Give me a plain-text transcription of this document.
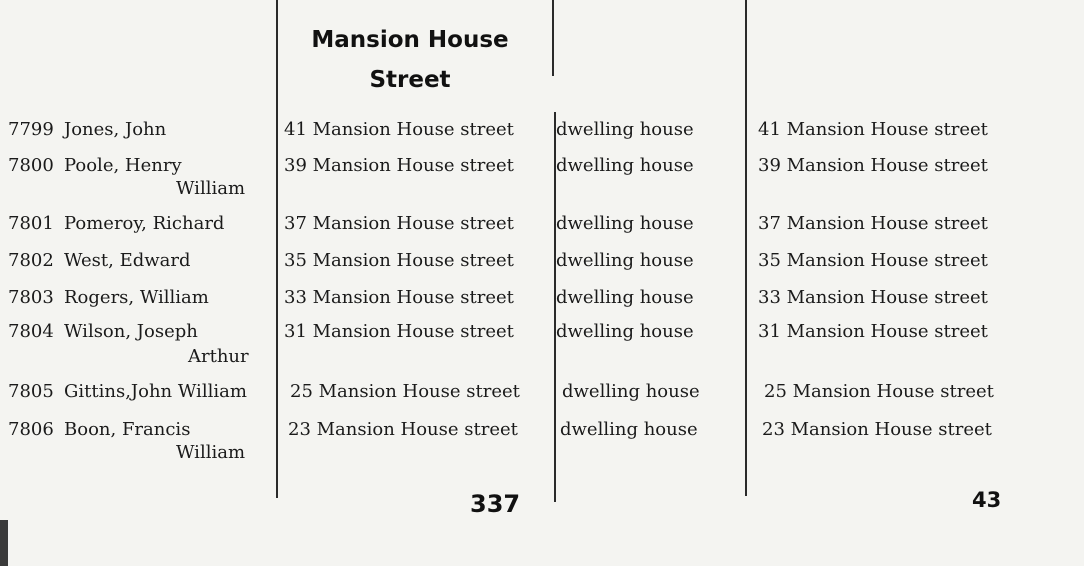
Mansion House
Street
7799 Jones, John	41 Mansion House street dwelling house	41 Mansion House street
7800 Poole, Henry
William
39 Mansion House street dwelling house	39 Mansion House street
7801 Pomeroy, Richard	37 Mansion House street dwelling house	37 Mansion House street
7802 West, Edward	35 Mansion House street dwelling house	35 Mansion House street
7803 Rogers, William	33 Mansion House street dwelling house	33 Mansion House street
7804 Wilson, Joseph
Arthur
31 Mansion House street dwelling house	31 Mansion House street
7805 Gittins,John William 25 Mansion House street dwelling house	25 Mansion House street
7806 Boon, Francis
William
23 Mansion House street dwelling house	23 Mansion House street
337	43
